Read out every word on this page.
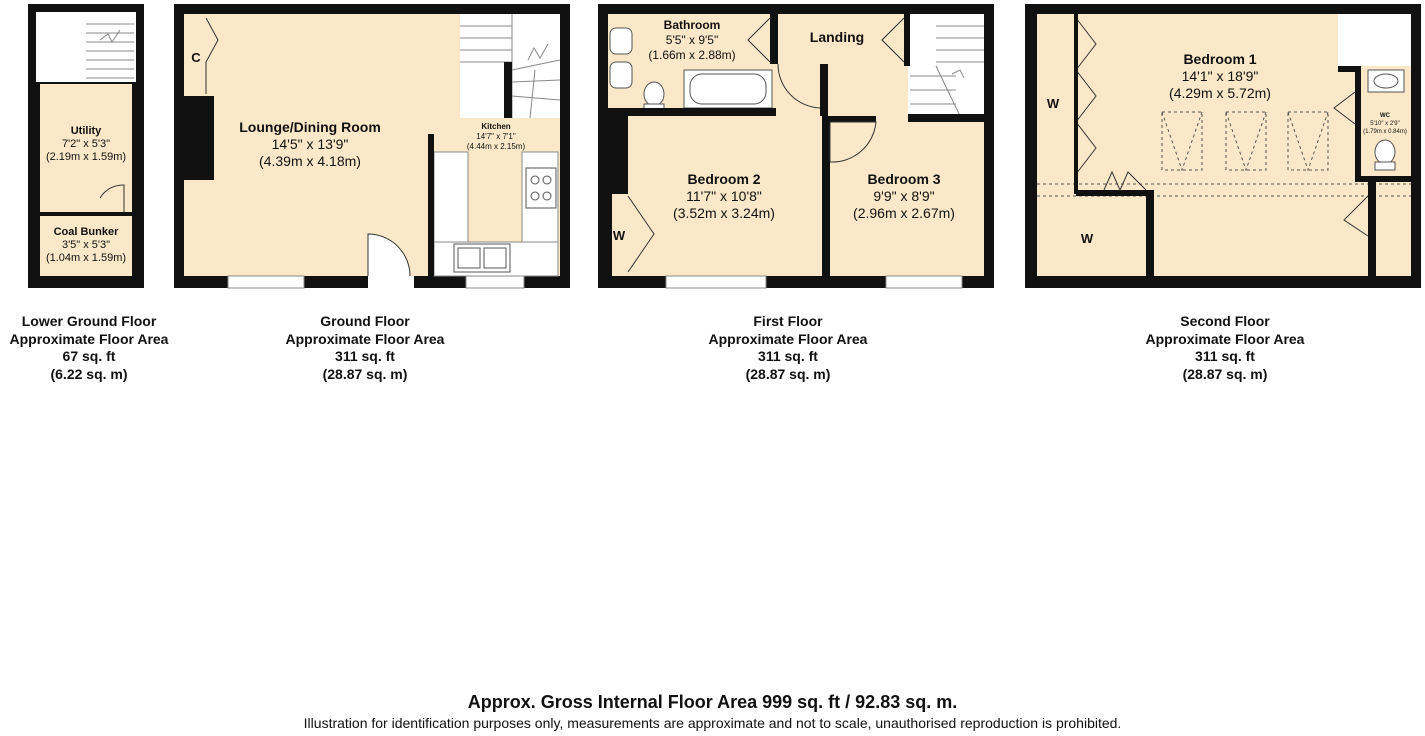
Utility
7'2" x 5'3"
(2.19m x 1.59m)
Coal Bunker
3'5" x 5'3"
(1.04m x 1.59m)
C
Lounge/Dining Room
14'5" x 13'9"
(4.39m x 4.18m)
Kitchen
14'7" x 7'1"
(4.44m x 2.15m)
Bathroom
5'5" x 9'5"
(1.66m x 2.88m)
Landing
Bedroom 2
11'7" x 10'8"
(3.52m x 3.24m)
Bedroom 3
9'9" x 8'9"
(2.96m x 2.67m)
W
Bedroom 1
14'1" x 18'9"
(4.29m x 5.72m)
WC
5'10" x 2'9"
(1.79m x 0.84m)
W
W
Lower Ground Floor
Approximate Floor Area
67 sq. ft
(6.22 sq. m)
Ground Floor
Approximate Floor Area
311 sq. ft
(28.87 sq. m)
First Floor
Approximate Floor Area
311 sq. ft
(28.87 sq. m)
Second Floor
Approximate Floor Area
311 sq. ft
(28.87 sq. m)
Approx. Gross Internal Floor Area 999 sq. ft / 92.83 sq. m.
Illustration for identification purposes only, measurements are approximate and not to scale, unauthorised reproduction is prohibited.
